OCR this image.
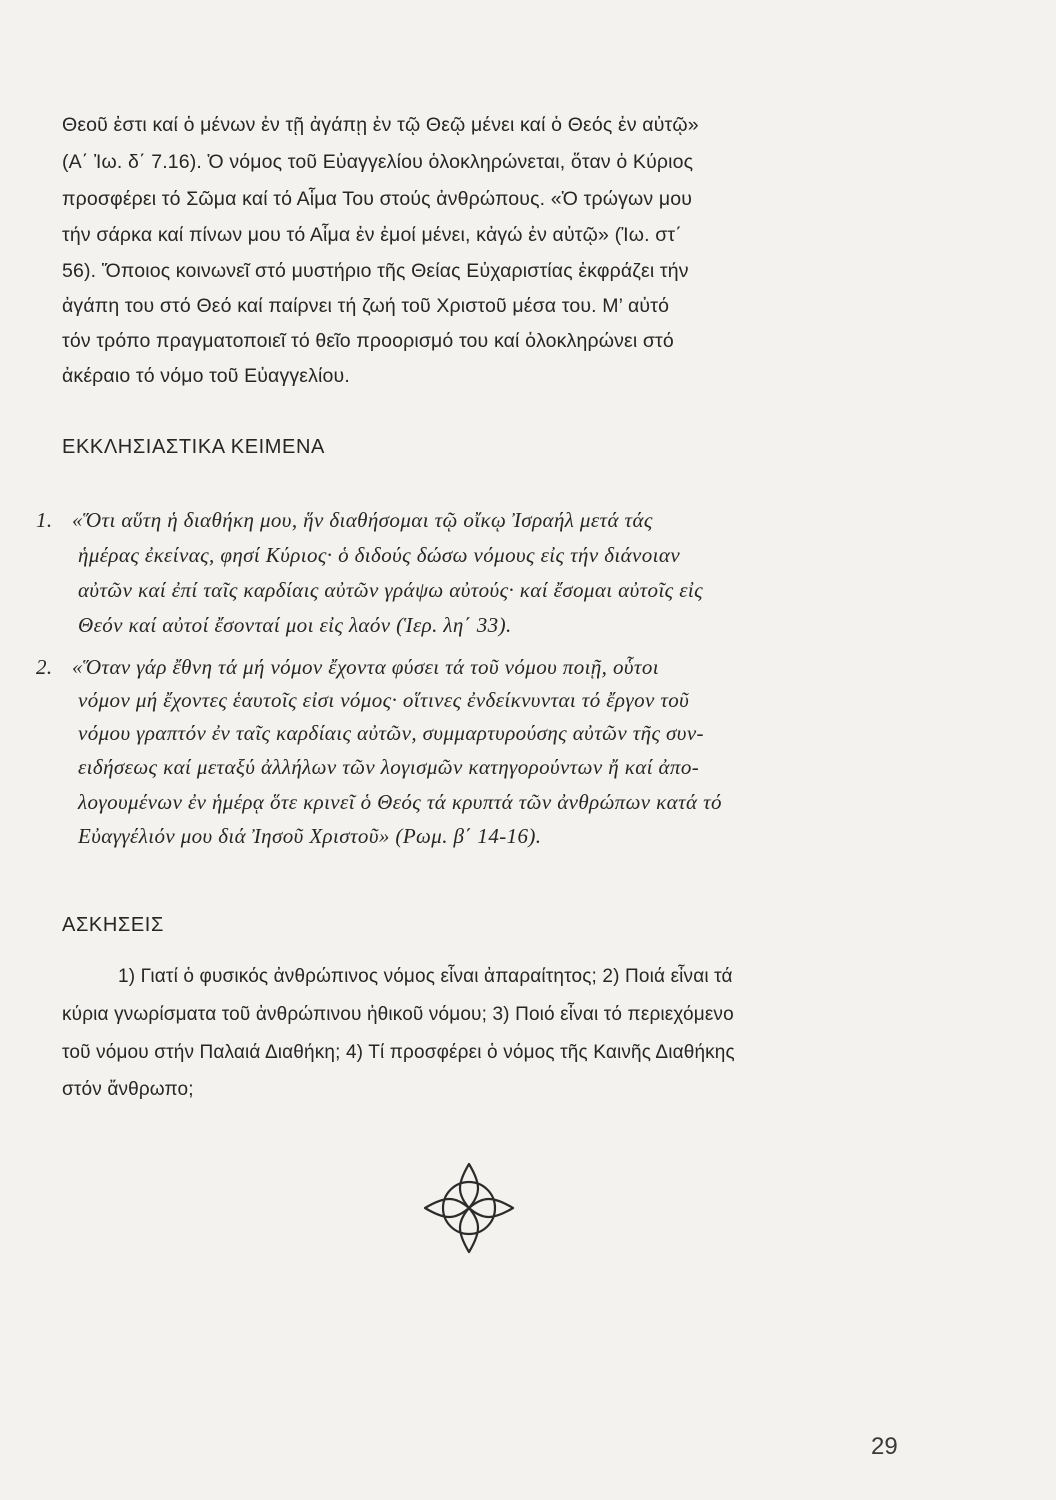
Θεοῦ ἐστι καί ὁ μένων ἐν τῇ ἀγάπῃ ἐν τῷ Θεῷ μένει καί ὁ Θεός ἐν αὐτῷ»
(Α΄ Ἰω. δ΄ 7.16). Ὁ νόμος τοῦ Εὐαγγελίου ὁλοκληρώνεται, ὅταν ὁ Κύριος
προσφέρει τό Σῶμα καί τό Αἷμα Του στούς ἀνθρώπους. «Ὁ τρώγων μου
τήν σάρκα καί πίνων μου τό Αἷμα ἐν ἐμοί μένει, κἀγώ ἐν αὐτῷ» (Ἰω. στ΄
56). Ὅποιος κοινωνεῖ στό μυστήριο τῆς Θείας Εὐχαριστίας ἐκφράζει τήν
ἀγάπη του στό Θεό καί παίρνει τή ζωή τοῦ Χριστοῦ μέσα του. Μ’ αὐτό
τόν τρόπο πραγματοποιεῖ τό θεῖο προορισμό του καί ὁλοκληρώνει στό
ἀκέραιο τό νόμο τοῦ Εὐαγγελίου.
ΕΚΚΛΗΣΙΑΣΤΙΚΑ ΚΕΙΜΕΝΑ
1. «Ὅτι αὕτη ἡ διαθήκη μου, ἥν διαθήσομαι τῷ οἴκῳ Ἰσραήλ μετά τάς
ἡμέρας ἐκείνας, φησί Κύριος· ὁ διδούς δώσω νόμους εἰς τήν διάνοιαν
αὐτῶν καί ἐπί ταῖς καρδίαις αὐτῶν γράψω αὐτούς· καί ἔσομαι αὐτοῖς εἰς
Θεόν καί αὐτοί ἔσονταί μοι εἰς λαόν (Ἱερ. λη΄ 33).
2. «Ὅταν γάρ ἔθνη τά μή νόμον ἔχοντα φύσει τά τοῦ νόμου ποιῇ, οὗτοι
νόμον μή ἔχοντες ἑαυτοῖς εἰσι νόμος· οἵτινες ἐνδείκνυνται τό ἔργον τοῦ
νόμου γραπτόν ἐν ταῖς καρδίαις αὐτῶν, συμμαρτυρούσης αὐτῶν τῆς συν-
ειδήσεως καί μεταξύ ἀλλήλων τῶν λογισμῶν κατηγορούντων ἤ καί ἀπο-
λογουμένων ἐν ἡμέρᾳ ὅτε κρινεῖ ὁ Θεός τά κρυπτά τῶν ἀνθρώπων κατά τό
Εὐαγγέλιόν μου διά Ἰησοῦ Χριστοῦ» (Ρωμ. β΄ 14-16).
ΑΣΚΗΣΕΙΣ
1) Γιατί ὁ φυσικός ἀνθρώπινος νόμος εἶναι ἀπαραίτητος; 2) Ποιά εἶναι τά
κύρια γνωρίσματα τοῦ ἀνθρώπινου ἠθικοῦ νόμου; 3) Ποιό εἶναι τό περιεχόμενο
τοῦ νόμου στήν Παλαιά Διαθήκη; 4) Τί προσφέρει ὁ νόμος τῆς Καινῆς Διαθήκης
στόν ἄνθρωπο;
29
